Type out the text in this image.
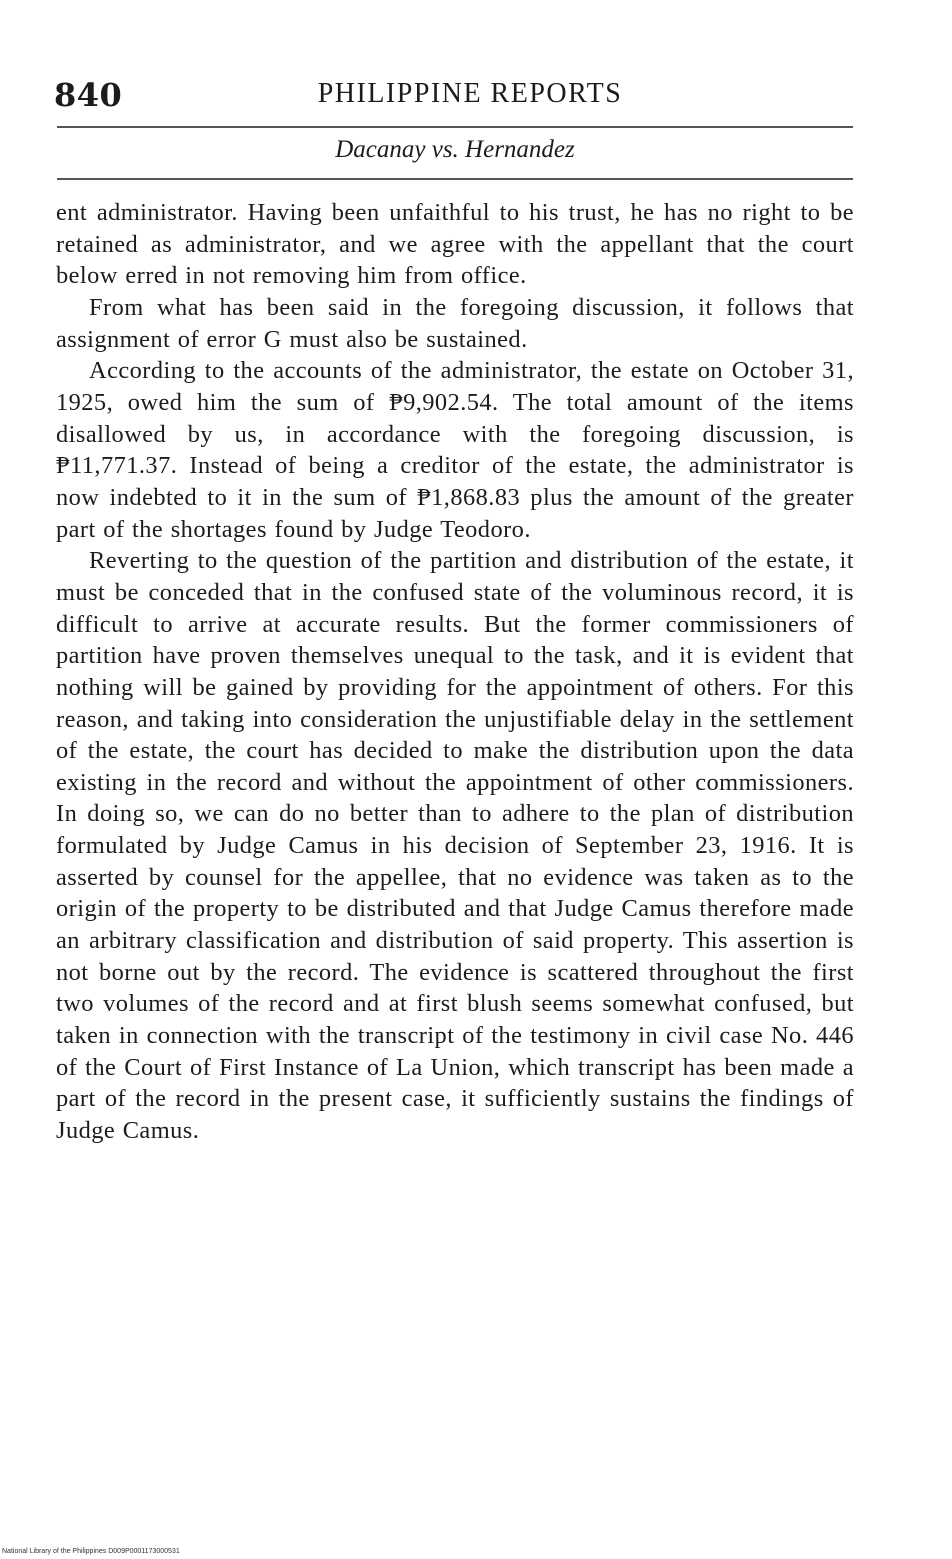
840	PHILIPPINE REPORTS
Dacanay vs. Hernandez

ent administrator. Having been unfaithful to his trust, he has no right to be retained as administrator, and we agree with the appellant that the court below erred in not removing him from office.

From what has been said in the foregoing discussion, it follows that assignment of error G must also be sustained.

According to the accounts of the administrator, the estate on October 31, 1925, owed him the sum of ₱9,902.54. The total amount of the items disallowed by us, in accordance with the foregoing discussion, is ₱11,771.37. Instead of being a creditor of the estate, the administrator is now indebted to it in the sum of ₱1,868.83 plus the amount of the greater part of the shortages found by Judge Teodoro.

Reverting to the question of the partition and distribution of the estate, it must be conceded that in the confused state of the voluminous record, it is difficult to arrive at accurate results. But the former commissioners of partition have proven themselves unequal to the task, and it is evident that nothing will be gained by providing for the appointment of others. For this reason, and taking into consideration the unjustifiable delay in the settlement of the estate, the court has decided to make the distribution upon the data existing in the record and without the appointment of other commissioners. In doing so, we can do no better than to adhere to the plan of distribution formulated by Judge Camus in his decision of September 23, 1916. It is asserted by counsel for the appellee, that no evidence was taken as to the origin of the property to be distributed and that Judge Camus therefore made an arbitrary classification and distribution of said property. This assertion is not borne out by the record. The evidence is scattered throughout the first two volumes of the record and at first blush seems somewhat confused, but taken in connection with the transcript of the testimony in civil case No. 446 of the Court of First Instance of La Union, which transcript has been made a part of the record in the present case, it sufficiently sustains the findings of Judge Camus.

National Library of the Philippines D009P0001173000531
